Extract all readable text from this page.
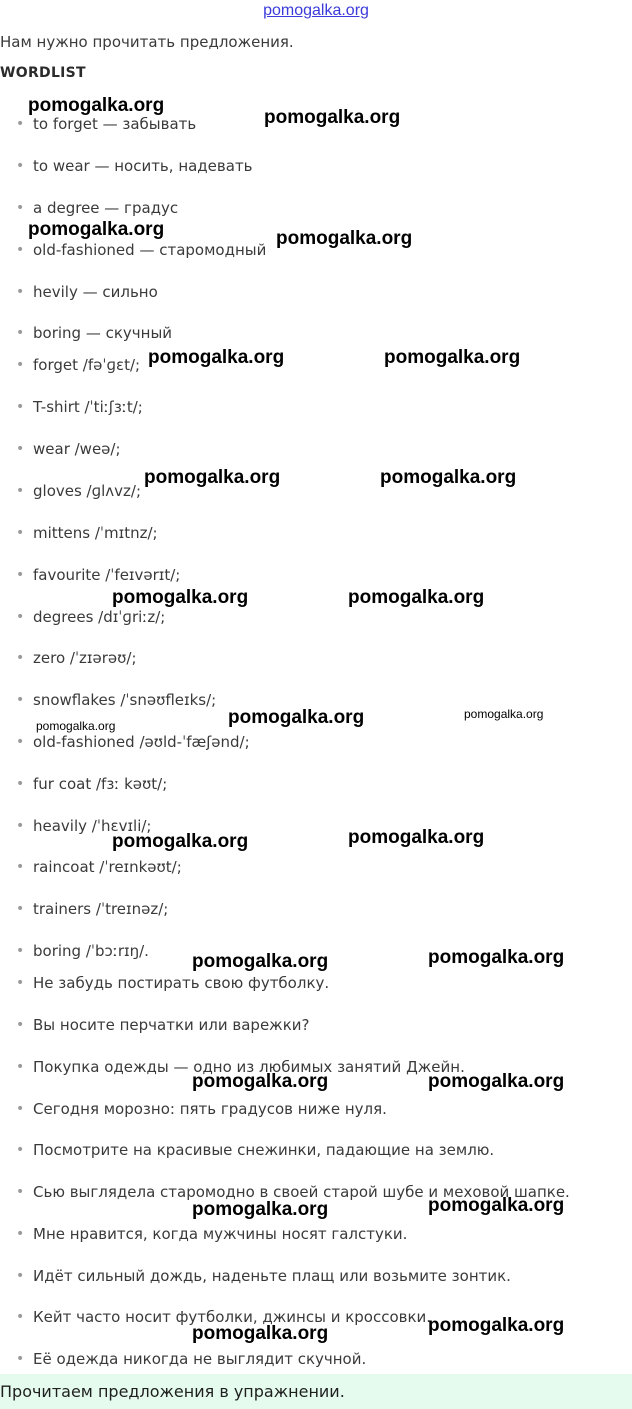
pomogalka.org
Нам нужно прочитать предложения.
WORDLIST
• to forget — забывать
• to wear — носить, надевать
• a degree — градус
• old-fashioned — старомодный
• hevily — сильно
• boring — скучный
• forget /fəˈɡɛt/;
• T-shirt /ˈtiːʃɜːt/;
• wear /weə/;
• gloves /ɡlʌvz/;
• mittens /ˈmɪtnz/;
• favourite /ˈfeɪvərɪt/;
• degrees /dɪˈɡriːz/;
• zero /ˈzɪərəʊ/;
• snowflakes /ˈsnəʊfleɪks/;
• old-fashioned /əʊld-ˈfæʃənd/;
• fur coat /fɜː kəʊt/;
• heavily /ˈhɛvɪli/;
• raincoat /ˈreɪnkəʊt/;
• trainers /ˈtreɪnəz/;
• boring /ˈbɔːrɪŋ/.
• Не забудь постирать свою футболку.
• Вы носите перчатки или варежки?
• Покупка одежды — одно из любимых занятий Джейн.
• Сегодня морозно: пять градусов ниже нуля.
• Посмотрите на красивые снежинки, падающие на землю.
• Сью выглядела старомодно в своей старой шубе и меховой шапке.
• Мне нравится, когда мужчины носят галстуки.
• Идёт сильный дождь, наденьте плащ или возьмите зонтик.
• Кейт часто носит футболки, джинсы и кроссовки.
• Её одежда никогда не выглядит скучной.
Прочитаем предложения в упражнении.
pomogalka.org
pomogalka.org
pomogalka.org	pomogalka.org
pomogalka.org	pomogalka.org
pomogalka.org	pomogalka.org
pomogalka.org	pomogalka.org
pomogalka.org	pomogalka.org	pomogalka.org
pomogalka.org	pomogalka.org
pomogalka.org	pomogalka.org
pomogalka.org	pomogalka.org
pomogalka.org	pomogalka.org
pomogalka.org	pomogalka.org
